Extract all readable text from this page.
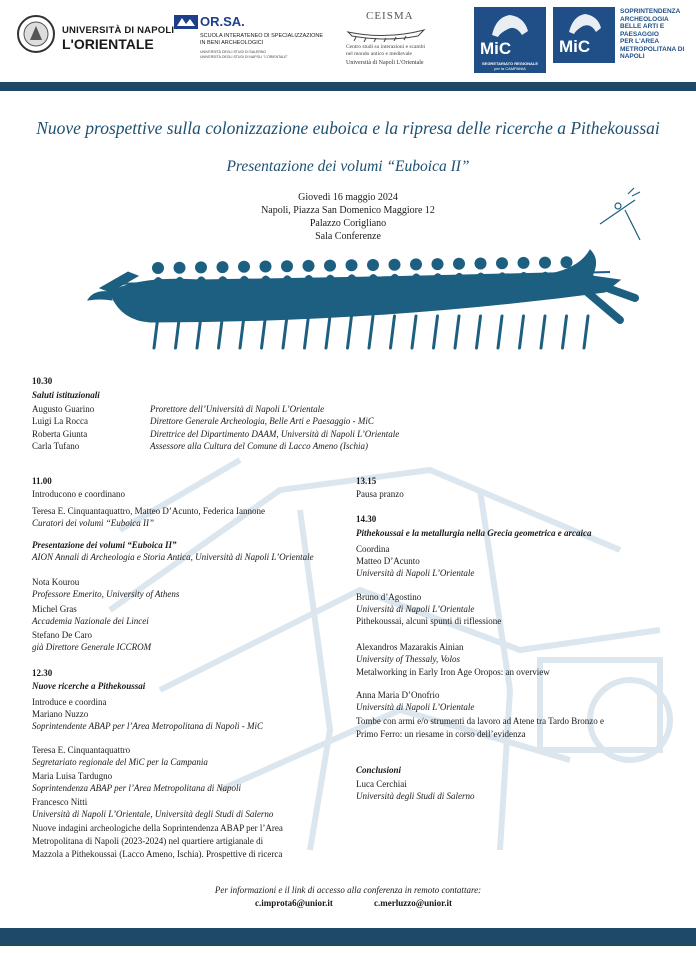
UNIVERSITÀ DI NAPOLI
L'ORIENTALE
OR.SA.
SCUOLA INTERATENEO DI SPECIALIZZAZIONE
IN BENI ARCHEOLOGICI
UNIVERSITÀ DEGLI STUDI DI SALERNO
UNIVERSITÀ DEGLI STUDI DI NAPOLI "L'ORIENTALE"
CEISMA
Centro studi su interazioni e scambi
nel mondo antico e medievale
Università di Napoli L'Orientale
MiC
SEGRETARIATO REGIONALE
per la CAMPANIA
MiC
SOPRINTENDENZA
ARCHEOLOGIA
BELLE ARTI E
PAESAGGIO
PER L'AREA
METROPOLITANA DI
NAPOLI
Nuove prospettive sulla colonizzazione euboica e la ripresa delle ricerche a Pithekoussai
Presentazione dei volumi “Euboica II”
Giovedì 16 maggio 2024
Napoli, Piazza San Domenico Maggiore 12
Palazzo Corigliano
Sala Conferenze
10.30
Saluti istituzionali
Augusto Guarino	Prorettore dell’Università di Napoli L’Orientale
Luigi La Rocca	Direttore Generale Archeologia, Belle Arti e Paesaggio - MiC
Roberta Giunta	Direttrice del Dipartimento DAAM, Università di Napoli L’Orientale
Carla Tufano	Assessore alla Cultura del Comune di Lacco Ameno (Ischia)
11.00
Introducono e coordinano
Teresa E. Cinquantaquattro, Matteo D’Acunto, Federica Iannone
Curatori dei volumi “Euboica II”
Presentazione dei volumi “Euboica II”
AION Annali di Archeologia e Storia Antica, Università di Napoli L’Orientale
Nota Kourou
Professore Emerito, University of Athens
Michel Gras
Accademia Nazionale dei Lincei
Stefano De Caro
già Direttore Generale ICCROM
12.30
Nuove ricerche a Pithekoussai
Introduce e coordina
Mariano Nuzzo
Soprintendente ABAP per l’Area Metropolitana di Napoli - MiC
Teresa E. Cinquantaquattro
Segretariato regionale del MiC per la Campania
Maria Luisa Tardugno
Soprintendenza ABAP per l’Area Metropolitana di Napoli
Francesco Nitti
Università di Napoli L’Orientale, Università degli Studi di Salerno
Nuove indagini archeologiche della Soprintendenza ABAP per l’Area
Metropolitana di Napoli (2023-2024) nel quartiere artigianale di
Mazzola a Pithekoussai (Lacco Ameno, Ischia). Prospettive di ricerca
13.15
Pausa pranzo
14.30
Pithekoussai e la metallurgia nella Grecia geometrica e arcaica
Coordina
Matteo D’Acunto
Università di Napoli L’Orientale
Bruno d’Agostino
Università di Napoli L’Orientale
Pithekoussai, alcuni spunti di riflessione
Alexandros Mazarakis Ainian
University of Thessaly, Volos
Metalworking in Early Iron Age Oropos: an overview
Anna Maria D’Onofrio
Università di Napoli L’Orientale
Tombe con armi e/o strumenti da lavoro ad Atene tra Tardo Bronzo e
Primo Ferro: un riesame in corso dell’evidenza
Conclusioni
Luca Cerchiai
Università degli Studi di Salerno
Per informazioni e il link di accesso alla conferenza in remoto contattare:
c.improta6@unior.it	c.merluzzo@unior.it
